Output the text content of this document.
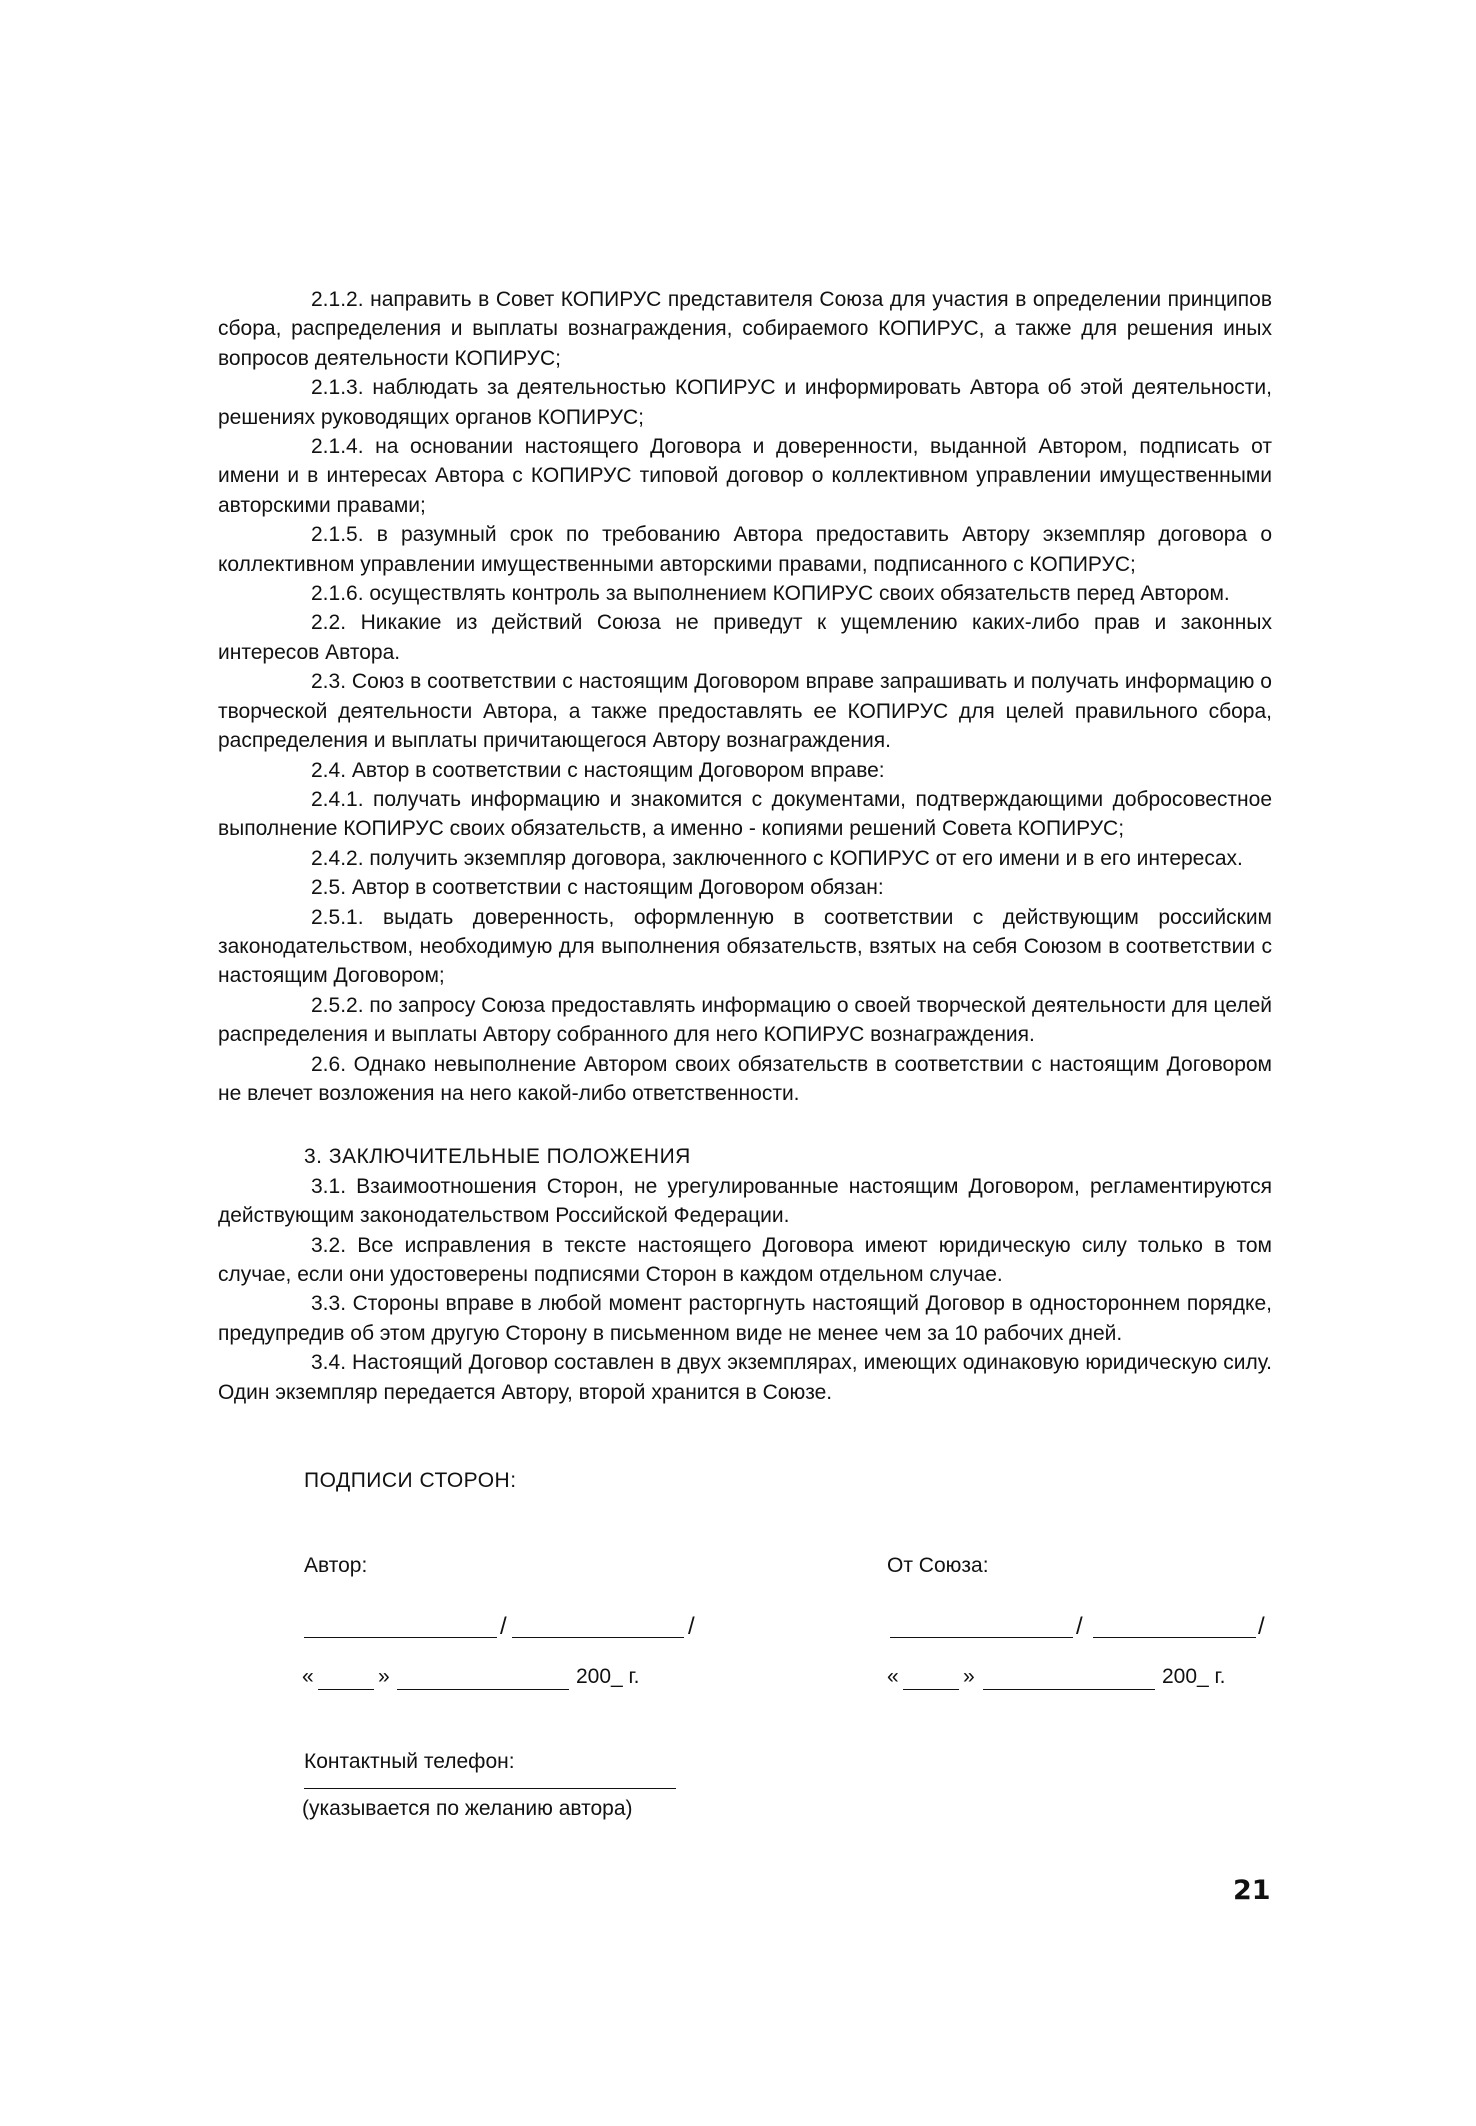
2.1.2. направить в Совет КОПИРУС представителя Союза для участия в определении принципов сбора, распределения и выплаты вознаграждения, собираемого КОПИРУС, а также для решения иных вопросов деятельности КОПИРУС;

2.1.3. наблюдать за деятельностью КОПИРУС и информировать Автора об этой деятельности, решениях руководящих органов КОПИРУС;

2.1.4. на основании настоящего Договора и доверенности, выданной Автором, подписать от имени и в интересах Автора с КОПИРУС типовой договор о коллективном управлении имущественными авторскими правами;

2.1.5. в разумный срок по требованию Автора предоставить Автору экземпляр договора о коллективном управлении имущественными авторскими правами, подписанного с КОПИРУС;

2.1.6. осуществлять контроль за выполнением КОПИРУС своих обязательств перед Автором.

2.2. Никакие из действий Союза не приведут к ущемлению каких-либо прав и законных интересов Автора.

2.3. Союз в соответствии с настоящим Договором вправе запрашивать и получать информацию о творческой деятельности Автора, а также предоставлять ее КОПИРУС для целей правильного сбора, распределения и выплаты причитающегося Автору вознаграждения.

2.4. Автор в соответствии с настоящим Договором вправе:

2.4.1. получать информацию и знакомится с документами, подтверждающими добросовестное выполнение КОПИРУС своих обязательств, а именно - копиями решений Совета КОПИРУС;

2.4.2. получить экземпляр договора, заключенного с КОПИРУС от его имени и в его интересах.

2.5. Автор в соответствии с настоящим Договором обязан:

2.5.1. выдать доверенность, оформленную в соответствии с действующим российским законодательством, необходимую для выполнения обязательств, взятых на себя Союзом в соответствии с настоящим Договором;

2.5.2. по запросу Союза предоставлять информацию о своей творческой деятельности для целей распределения и выплаты Автору собранного для него КОПИРУС вознаграждения.

2.6. Однако невыполнение Автором своих обязательств в соответствии с настоящим Договором не влечет возложения на него какой-либо ответственности.

3. ЗАКЛЮЧИТЕЛЬНЫЕ ПОЛОЖЕНИЯ

3.1. Взаимоотношения Сторон, не урегулированные настоящим Договором, регламентируются действующим законодательством Российской Федерации.

3.2. Все исправления в тексте настоящего Договора имеют юридическую силу только в том случае, если они удостоверены подписями Сторон в каждом отдельном случае.

3.3. Стороны вправе в любой момент расторгнуть настоящий Договор в одностороннем порядке, предупредив об этом другую Сторону в письменном виде не менее чем за 10 рабочих дней.

3.4. Настоящий Договор составлен в двух экземплярах, имеющих одинаковую юридическую силу. Один экземпляр передается Автору, второй хранится в Союзе.

ПОДПИСИ СТОРОН:
Автор:	От Союза:
/	/	/	/
«	»	200_ г.	«	»	200_ г.
Контактный телефон:
(указывается по желанию автора)
21
